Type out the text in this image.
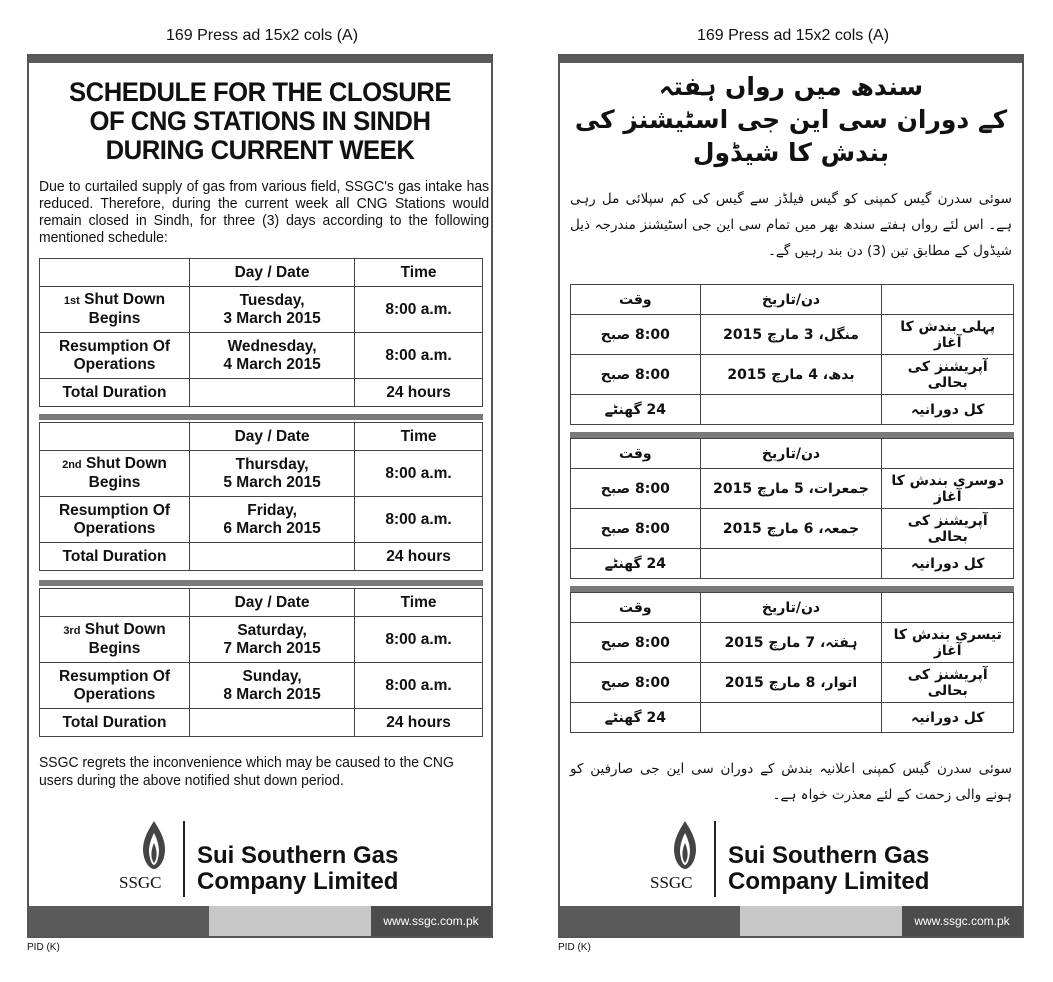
169 Press ad 15x2 cols (A)
SCHEDULE FOR THE CLOSURE
OF CNG STATIONS IN SINDH
DURING CURRENT WEEK
Due to curtailed supply of gas from various field, SSGC's gas intake has reduced. Therefore, during the current week all CNG Stations would remain closed in Sindh, for three (3) days according to the following mentioned schedule:
	Day / Date	Time
1st Shut Down
Begins	Tuesday,
3 March 2015	8:00 a.m.
Resumption Of
Operations	Wednesday,
4 March 2015	8:00 a.m.
Total Duration		24 hours
	Day / Date	Time
2nd Shut Down
Begins	Thursday,
5 March 2015	8:00 a.m.
Resumption Of
Operations	Friday,
6 March 2015	8:00 a.m.
Total Duration		24 hours
	Day / Date	Time
3rd Shut Down
Begins	Saturday,
7 March 2015	8:00 a.m.
Resumption Of
Operations	Sunday,
8 March 2015	8:00 a.m.
Total Duration		24 hours
SSGC regrets the inconvenience which may be caused to the CNG users during the above notified shut down period.
SSGC
Sui Southern Gas
Company Limited
www.ssgc.com.pk
PID (K)
169 Press ad 15x2 cols (A)
سندھ میں رواں ہفتہ
کے دوران سی این جی اسٹیشنز کی
بندش کا شیڈول
سوئی سدرن گیس کمپنی کو گیس فیلڈز سے گیس کی کم سپلائی مل رہی ہے۔ اس لئے رواں ہفتے سندھ بھر میں تمام سی این جی اسٹیشنز مندرجہ ذیل شیڈول کے مطابق تین (3) دن بند رہیں گے۔
	دن/تاریخ	وقت
پہلی بندش کا آغاز	منگل، 3 مارچ 2015	8:00 صبح
آپریشنز کی بحالی	بدھ، 4 مارچ 2015	8:00 صبح
کل دورانیہ		24 گھنٹے
	دن/تاریخ	وقت
دوسری بندش کا آغاز	جمعرات، 5 مارچ 2015	8:00 صبح
آپریشنز کی بحالی	جمعہ، 6 مارچ 2015	8:00 صبح
کل دورانیہ		24 گھنٹے
	دن/تاریخ	وقت
تیسری بندش کا آغاز	ہفتہ، 7 مارچ 2015	8:00 صبح
آپریشنز کی بحالی	اتوار، 8 مارچ 2015	8:00 صبح
کل دورانیہ		24 گھنٹے
سوئی سدرن گیس کمپنی اعلانیہ بندش کے دوران سی این جی صارفین کو ہونے والی زحمت کے لئے معذرت خواہ ہے۔
SSGC
Sui Southern Gas
Company Limited
www.ssgc.com.pk
PID (K)
